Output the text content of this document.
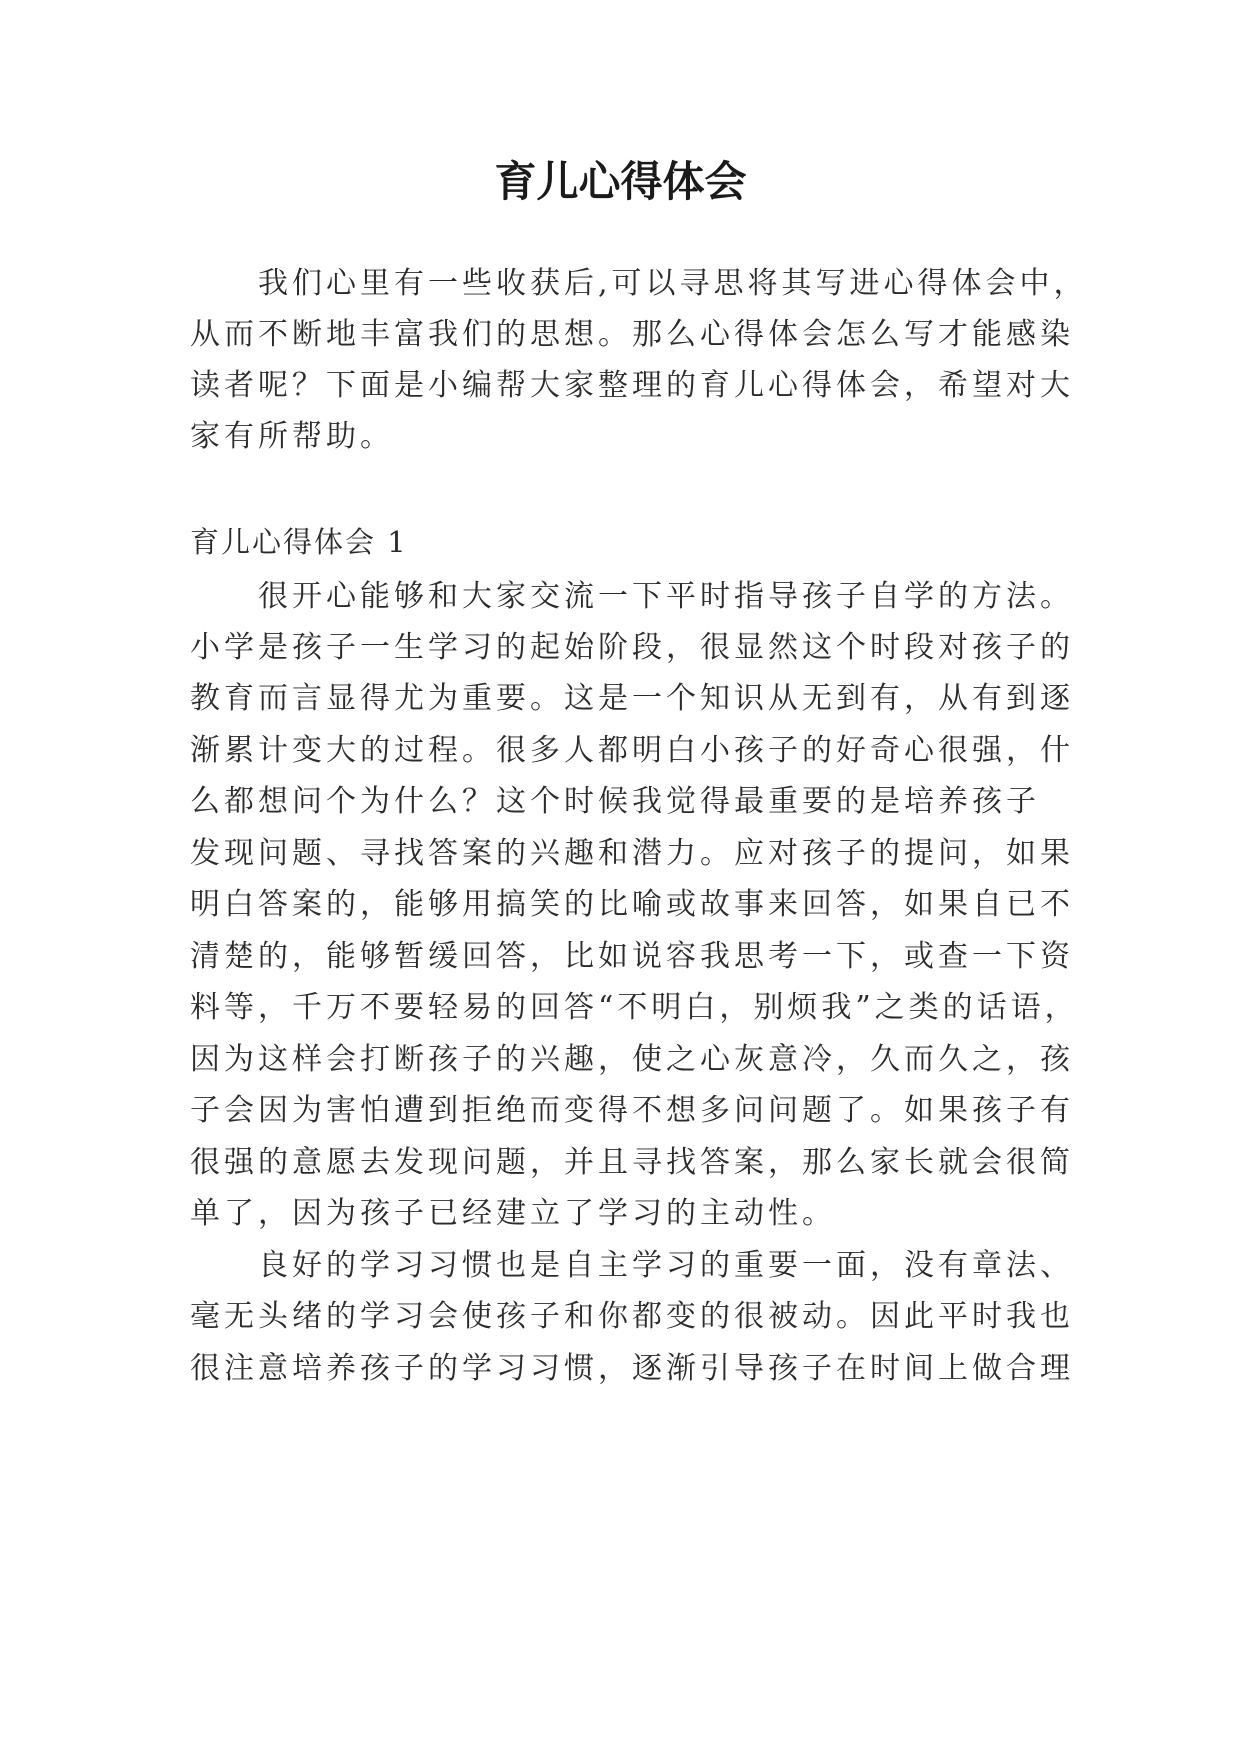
育儿心得体会
我们心里有一些收获后,可以寻思将其写进心得体会中，
从而不断地丰富我们的思想。那么心得体会怎么写才能感染
读者呢？下面是小编帮大家整理的育儿心得体会，希望对大
家有所帮助。
育儿心得体会 1
很开心能够和大家交流一下平时指导孩子自学的方法。
小学是孩子一生学习的起始阶段，很显然这个时段对孩子的
教育而言显得尤为重要。这是一个知识从无到有，从有到逐
渐累计变大的过程。很多人都明白小孩子的好奇心很强，什
么都想问个为什么？这个时候我觉得最重要的是培养孩子
发现问题、寻找答案的兴趣和潜力。应对孩子的提问，如果
明白答案的，能够用搞笑的比喻或故事来回答，如果自已不
清楚的，能够暂缓回答，比如说容我思考一下，或查一下资
料等，千万不要轻易的回答“不明白，别烦我”之类的话语，
因为这样会打断孩子的兴趣，使之心灰意冷，久而久之，孩
子会因为害怕遭到拒绝而变得不想多问问题了。如果孩子有
很强的意愿去发现问题，并且寻找答案，那么家长就会很简
单了，因为孩子已经建立了学习的主动性。
良好的学习习惯也是自主学习的重要一面，没有章法、
毫无头绪的学习会使孩子和你都变的很被动。因此平时我也
很注意培养孩子的学习习惯，逐渐引导孩子在时间上做合理
